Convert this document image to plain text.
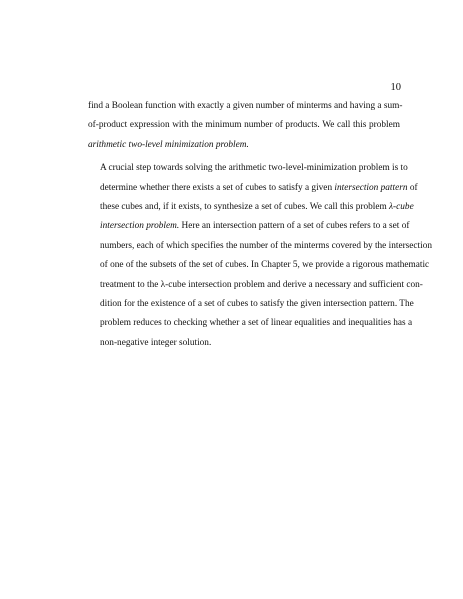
10

find a Boolean function with exactly a given number of minterms and having a sum-
of-product expression with the minimum number of products. We call this problem
arithmetic two-level minimization problem.

A crucial step towards solving the arithmetic two-level-minimization problem is to
determine whether there exists a set of cubes to satisfy a given intersection pattern of
these cubes and, if it exists, to synthesize a set of cubes. We call this problem λ-cube
intersection problem. Here an intersection pattern of a set of cubes refers to a set of
numbers, each of which specifies the number of the minterms covered by the intersection
of one of the subsets of the set of cubes. In Chapter 5, we provide a rigorous mathematic
treatment to the λ-cube intersection problem and derive a necessary and sufficient con-
dition for the existence of a set of cubes to satisfy the given intersection pattern. The
problem reduces to checking whether a set of linear equalities and inequalities has a
non-negative integer solution.
